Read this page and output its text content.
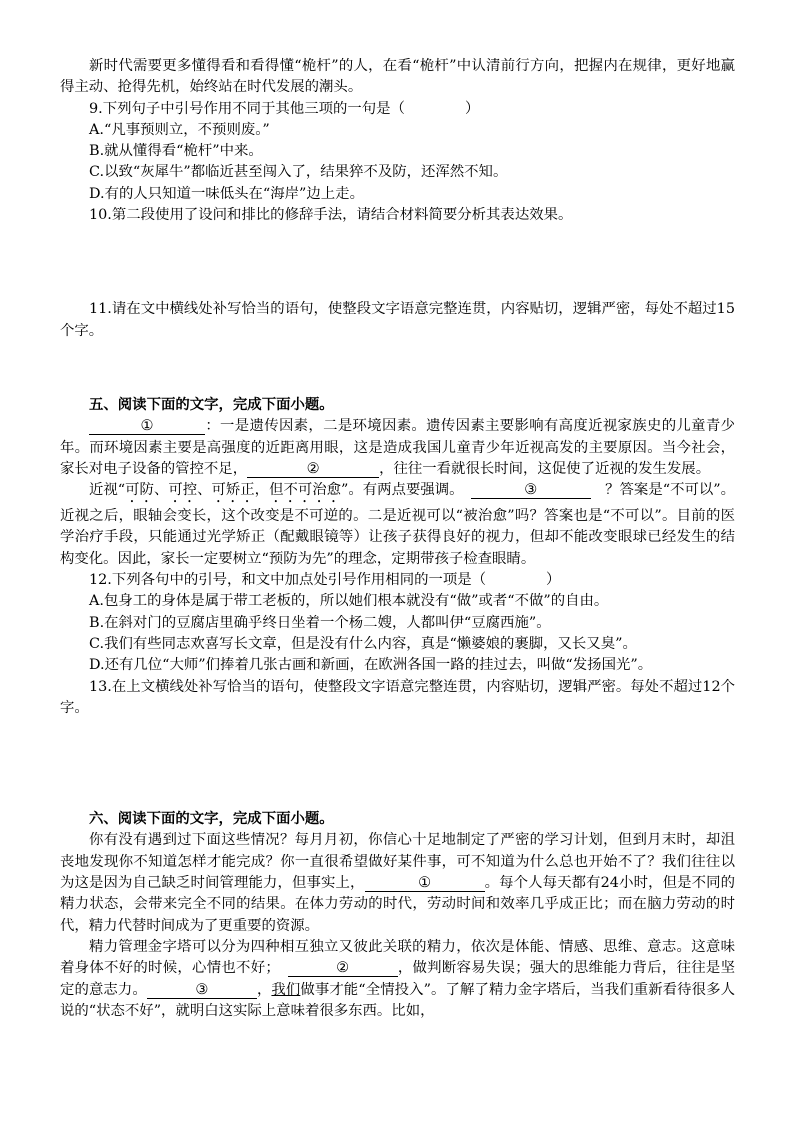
新时代需要更多懂得看和看得懂“桅杆”的人，在看“桅杆”中认清前行方向，把握内在规律，更好地赢得主动、抢得先机，始终站在时代发展的潮头。

9.下列句子中引号作用不同于其他三项的一句是（	）

A.“凡事预则立，不预则废。”

B.就从懂得看“桅杆”中来。

C.以致“灰犀牛”都临近甚至闯入了，结果猝不及防，还浑然不知。

D.有的人只知道一味低头在“海岸”边上走。

10.第二段使用了设问和排比的修辞手法，请结合材料简要分析其表达效果。

11.请在文中横线处补写恰当的语句，使整段文字语意完整连贯，内容贴切，逻辑严密，每处不超过15个字。

五、阅读下面的文字，完成下面小题。

①	：一是遗传因素，二是环境因素。遗传因素主要影响有高度近视家族史的儿童青少年。而环境因素主要是高强度的近距离用眼，这是造成我国儿童青少年近视高发的主要原因。当今社会，家长对电子设备的管控不足，	②	，往往一看就很长时间，这促使了近视的发生发展。

近视“可防、可控、可矫正，但不可治愈”。有两点要强调。　	③　	？答案是“不可以”。近视之后，眼轴会变长，这个改变是不可逆的。二是近视可以“被治愈”吗？答案也是“不可以”。目前的医学治疗手段，只能通过光学矫正（配戴眼镜等）让孩子获得良好的视力，但却不能改变眼球已经发生的结构变化。因此，家长一定要树立“预防为先”的理念，定期带孩子检查眼睛。

12.下列各句中的引号，和文中加点处引号作用相同的一项是（	）

A.包身工的身体是属于带工老板的，所以她们根本就没有“做”或者“不做”的自由。

B.在斜对门的豆腐店里确乎终日坐着一个杨二嫂，人都叫伊“豆腐西施”。

C.我们有些同志欢喜写长文章，但是没有什么内容，真是“懒婆娘的裹脚，又长又臭”。

D.还有几位“大师”们捧着几张古画和新画，在欧洲各国一路的挂过去，叫做“发扬国光”。

13.在上文横线处补写恰当的语句，使整段文字语意完整连贯，内容贴切，逻辑严密。每处不超过12个字。

六、阅读下面的文字，完成下面小题。

你有没有遇到过下面这些情况？每月月初，你信心十足地制定了严密的学习计划，但到月末时，却沮丧地发现你不知道怎样才能完成？你一直很希望做好某件事，可不知道为什么总也开始不了？我们往往以为这是因为自己缺乏时间管理能力，但事实上，	①	。每个人每天都有24小时，但是不同的精力状态，会带来完全不同的结果。在体力劳动的时代，劳动时间和效率几乎成正比；而在脑力劳动的时代，精力代替时间成为了更重要的资源。

精力管理金字塔可以分为四种相互独立又彼此关联的精力，依次是体能、情感、思维、意志。这意味着身体不好的时候，心情也不好；　	②	，做判断容易失误；强大的思维能力背后，往往是坚定的意志力。	③	，我们做事才能“全情投入”。了解了精力金字塔后，当我们重新看待很多人说的“状态不好”，就明白这实际上意味着很多东西。比如，
